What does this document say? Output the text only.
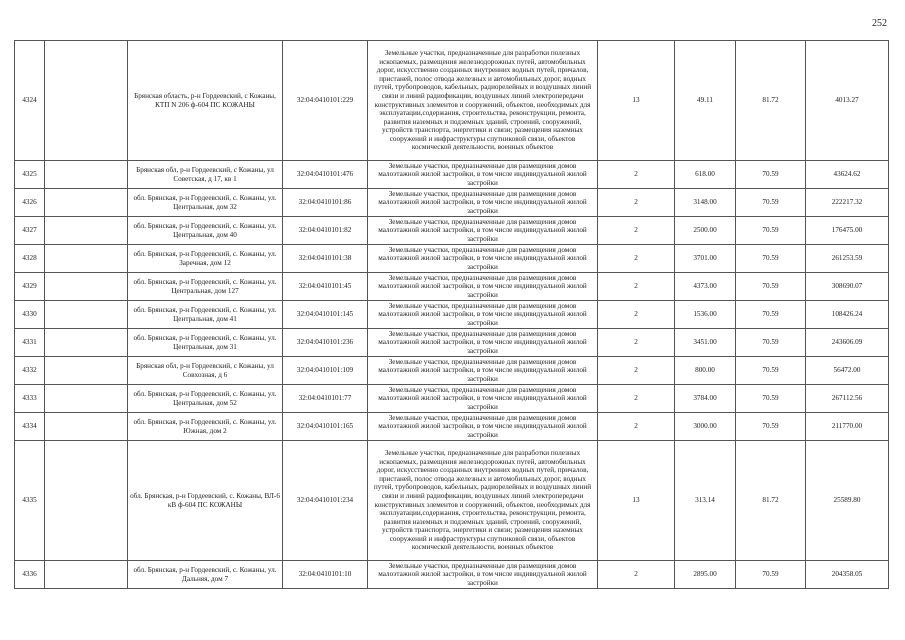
252
4324		Брянская область, р-н Гордеевский, с Кожаны, КТП N 206 ф-604 ПС КОЖАНЫ	32:04:0410101:229	Земельные участки, предназначенные для разработки полезных ископаемых, размещения железнодорожных путей, автомобильных дорог, искусственно созданных внутренних водных путей, причалов, пристаней, полос отвода железных и автомобильных дорог, водных путей, трубопроводов, кабельных, радиорелейных и воздушных линий связи и линий радиофикации, воздушных линий электропередачи конструктивных элементов и сооружений, объектов, необходимых для эксплуатации,содержания, строительства, реконструкции, ремонта, развития наземных и подземных зданий, строений, сооружений, устройств транспорта, энергетики и связи; размещения наземных сооружений и инфраструктуры спутниковой связи, объектов космической деятельности, военных объектов	13	49.11	81.72	4013.27
4325		Брянская обл, р-н Гордеевский, с Кожаны, ул Советская, д 17, кв 1	32:04:0410101:476	Земельные участки, предназначенные для размещения домов малоэтажной жилой застройки, в том числе индивидуальной жилой застройки	2	618.00	70.59	43624.62
4326		обл. Брянская, р-н Гордеевский, с. Кожаны, ул. Центральная, дом 32	32:04:0410101:86	Земельные участки, предназначенные для размещения домов малоэтажной жилой застройки, в том числе индивидуальной жилой застройки	2	3148.00	70.59	222217.32
4327		обл. Брянская, р-н Гордеевский, с. Кожаны, ул. Центральная, дом 40	32:04:0410101:82	Земельные участки, предназначенные для размещения домов малоэтажной жилой застройки, в том числе индивидуальной жилой застройки	2	2500.00	70.59	176475.00
4328		обл. Брянская, р-н Гордеевский, с. Кожаны, ул. Заречная, дом 12	32:04:0410101:38	Земельные участки, предназначенные для размещения домов малоэтажной жилой застройки, в том числе индивидуальной жилой застройки	2	3701.00	70.59	261253.59
4329		обл. Брянская, р-н Гордеевский, с. Кожаны, ул. Центральная, дом 127	32:04:0410101:45	Земельные участки, предназначенные для размещения домов малоэтажной жилой застройки, в том числе индивидуальной жилой застройки	2	4373.00	70.59	308690.07
4330		обл. Брянская, р-н Гордеевский, с. Кожаны, ул. Центральная, дом 41	32:04:0410101:145	Земельные участки, предназначенные для размещения домов малоэтажной жилой застройки, в том числе индивидуальной жилой застройки	2	1536.00	70.59	108426.24
4331		обл. Брянская, р-н Гордеевский, с. Кожаны, ул. Центральная, дом 31	32:04:0410101:236	Земельные участки, предназначенные для размещения домов малоэтажной жилой застройки, в том числе индивидуальной жилой застройки	2	3451.00	70.59	243606.09
4332		Брянская обл, р-н Гордеевский, с Кожаны, ул Совхозная, д 6	32:04:0410101:109	Земельные участки, предназначенные для размещения домов малоэтажной жилой застройки, в том числе индивидуальной жилой застройки	2	800.00	70.59	56472.00
4333		обл. Брянская, р-н Гордеевский, с. Кожаны, ул. Центральная, дом 52	32:04:0410101:77	Земельные участки, предназначенные для размещения домов малоэтажной жилой застройки, в том числе индивидуальной жилой застройки	2	3784.00	70.59	267112.56
4334		обл. Брянская, р-н Гордеевский, с. Кожаны, ул. Южная, дом 2	32:04:0410101:165	Земельные участки, предназначенные для размещения домов малоэтажной жилой застройки, в том числе индивидуальной жилой застройки	2	3000.00	70.59	211770.00
4335		обл. Брянская, р-н Гордеевский, с. Кожаны, ВЛ-6 кВ ф-604 ПС КОЖАНЫ	32:04:0410101:234	Земельные участки, предназначенные для разработки полезных ископаемых, размещения железнодорожных путей, автомобильных дорог, искусственно созданных внутренних водных путей, причалов, пристаней, полос отвода железных и автомобильных дорог, водных путей, трубопроводов, кабельных, радиорелейных и воздушных линий связи и линий радиофикации, воздушных линий электропередачи конструктивных элементов и сооружений, объектов, необходимых для эксплуатации,содержания, строительства, реконструкции, ремонта, развития наземных и подземных зданий, строений, сооружений, устройств транспорта, энергетики и связи; размещения наземных сооружений и инфраструктуры спутниковой связи, объектов космической деятельности, военных объектов	13	313.14	81.72	25589.80
4336		обл. Брянская, р-н Гордеевский, с. Кожаны, ул. Дальняя, дом 7	32:04:0410101:10	Земельные участки, предназначенные для размещения домов малоэтажной жилой застройки, в том числе индивидуальной жилой застройки	2	2895.00	70.59	204358.05
